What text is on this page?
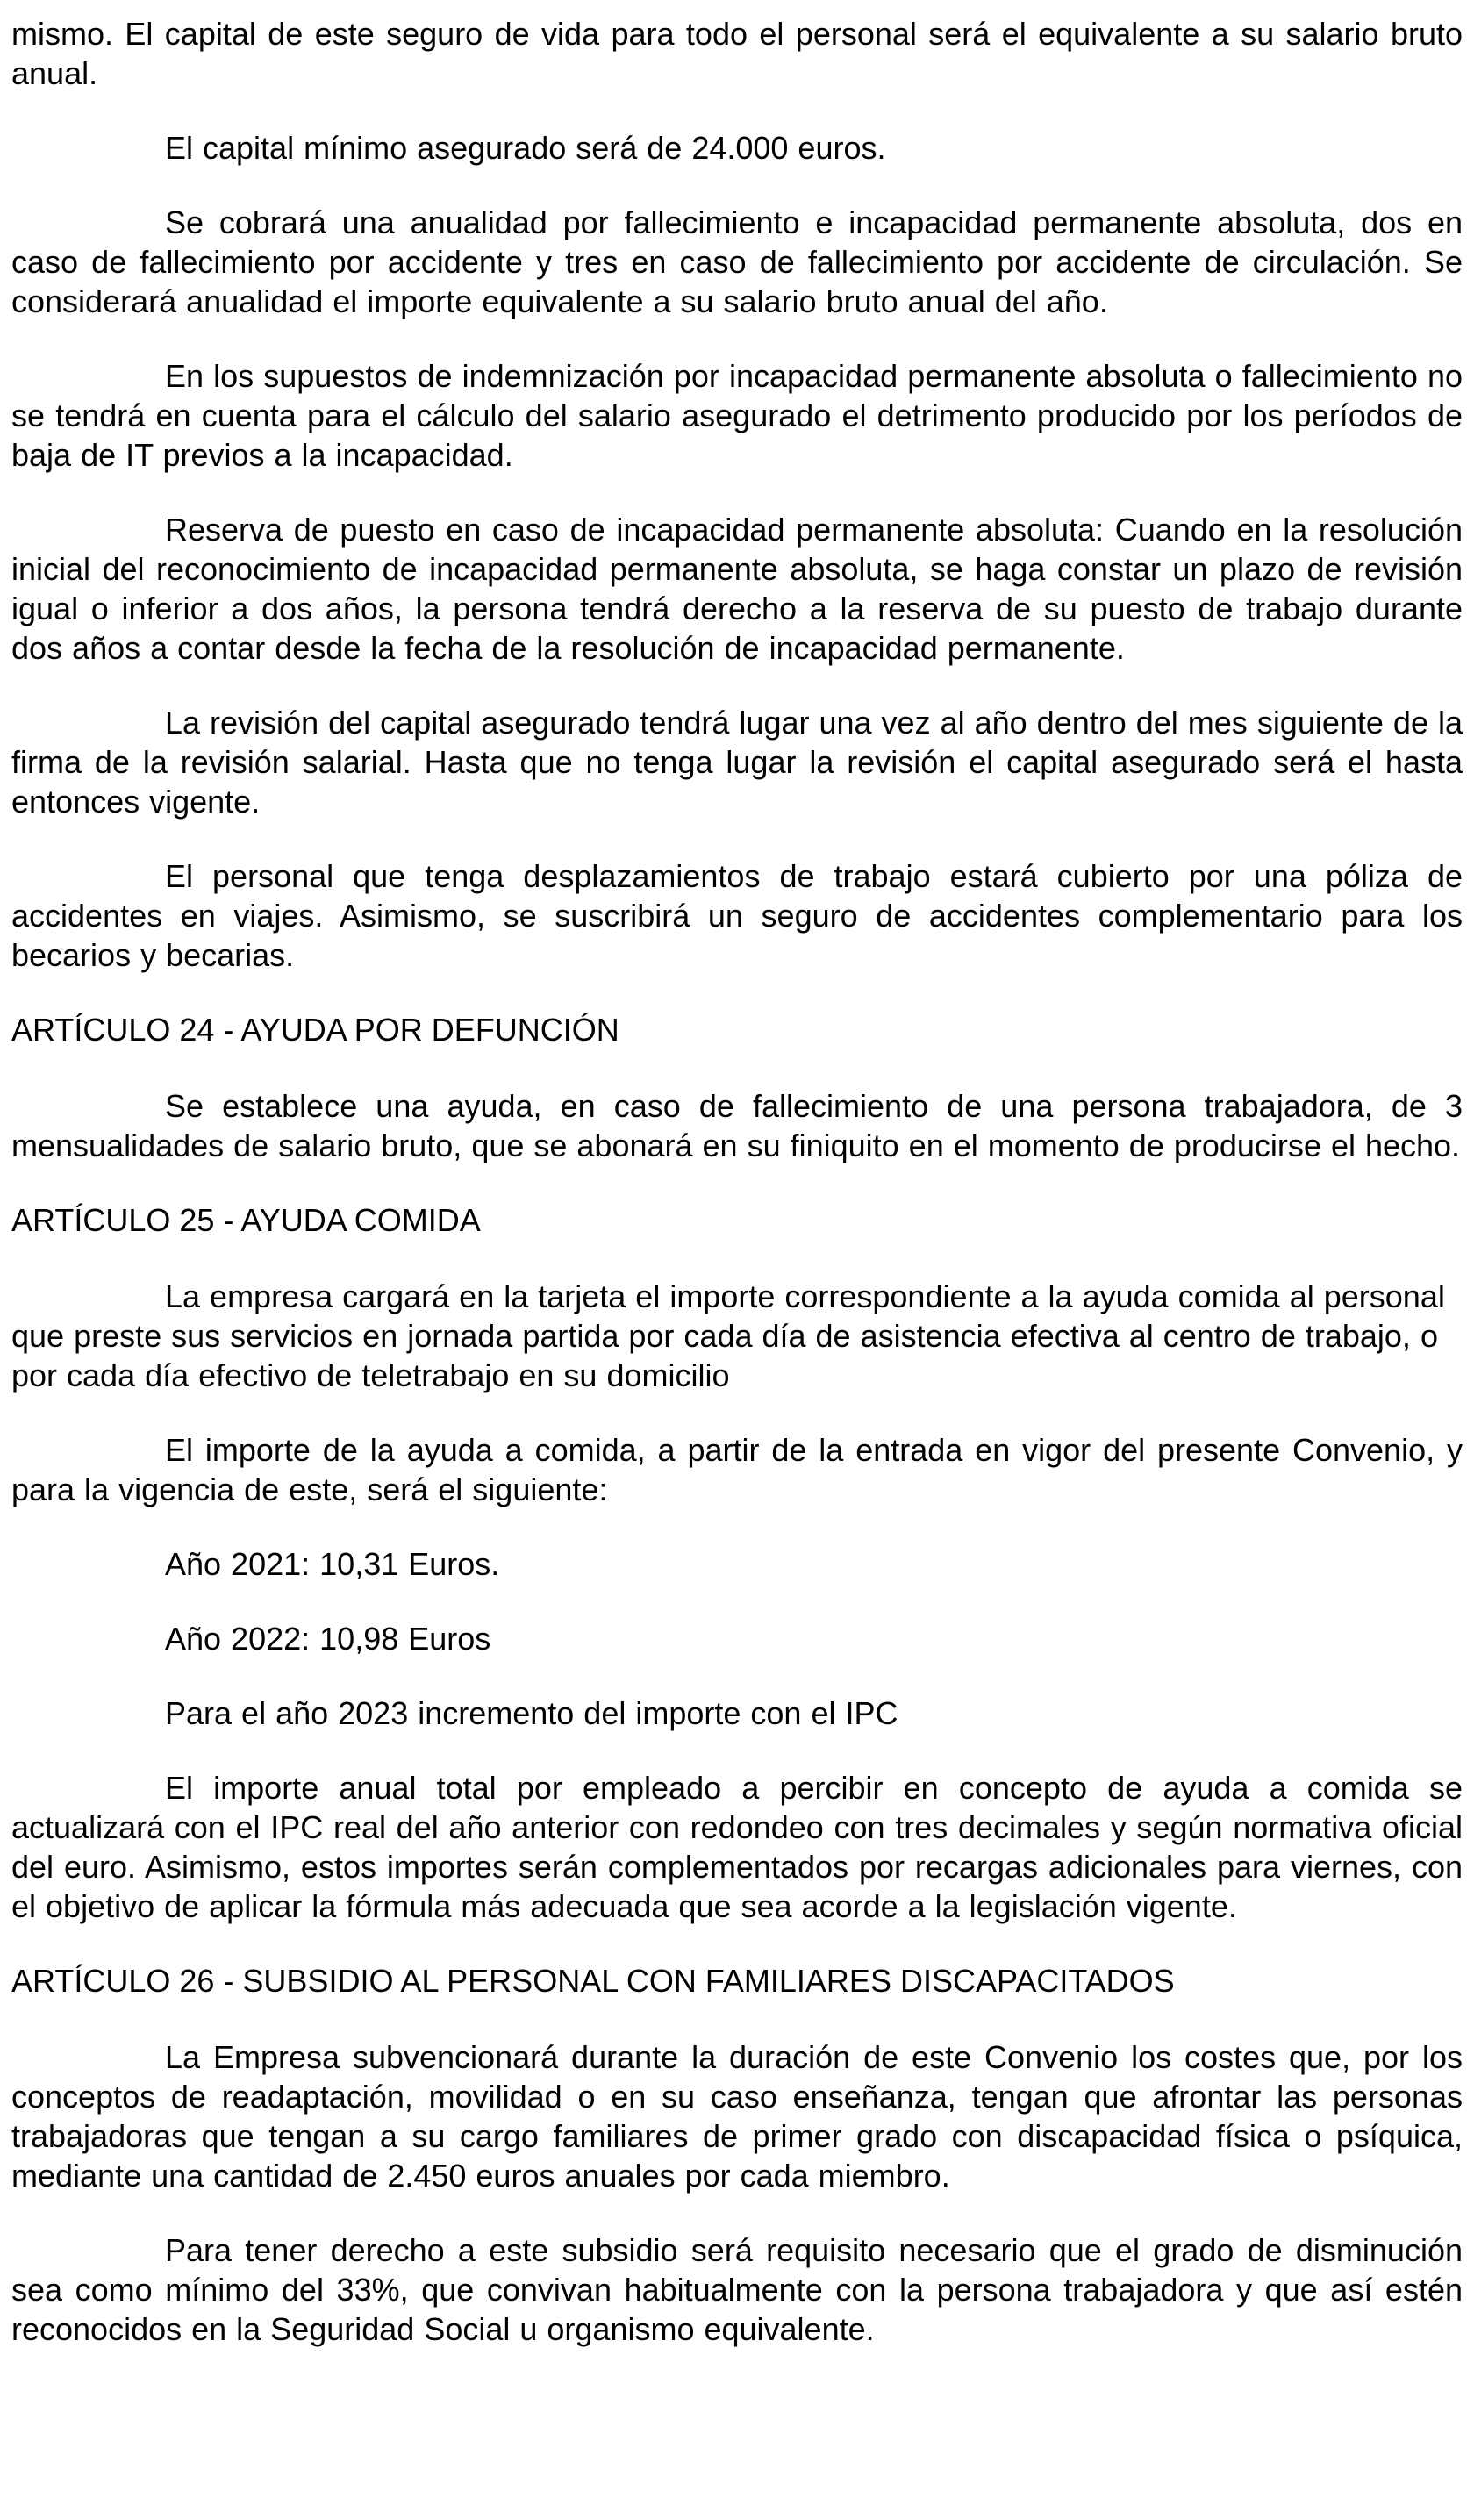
mismo. El capital de este seguro de vida para todo el personal será el equivalente a su salario bruto anual.

El capital mínimo asegurado será de 24.000 euros.

Se cobrará una anualidad por fallecimiento e incapacidad permanente absoluta, dos en caso de fallecimiento por accidente y tres en caso de fallecimiento por accidente de circulación. Se considerará anualidad el importe equivalente a su salario bruto anual del año.

En los supuestos de indemnización por incapacidad permanente absoluta o fallecimiento no se tendrá en cuenta para el cálculo del salario asegurado el detrimento producido por los períodos de baja de IT previos a la incapacidad.

Reserva de puesto en caso de incapacidad permanente absoluta: Cuando en la resolución inicial del reconocimiento de incapacidad permanente absoluta, se haga constar un plazo de revisión igual o inferior a dos años, la persona tendrá derecho a la reserva de su puesto de trabajo durante dos años a contar desde la fecha de la resolución de incapacidad permanente.

La revisión del capital asegurado tendrá lugar una vez al año dentro del mes siguiente de la firma de la revisión salarial. Hasta que no tenga lugar la revisión el capital asegurado será el hasta entonces vigente.

El personal que tenga desplazamientos de trabajo estará cubierto por una póliza de accidentes en viajes. Asimismo, se suscribirá un seguro de accidentes complementario para los becarios y becarias.

ARTÍCULO 24 - AYUDA POR DEFUNCIÓN

Se establece una ayuda, en caso de fallecimiento de una persona trabajadora, de 3 mensualidades de salario bruto, que se abonará en su finiquito en el momento de producirse el hecho.

ARTÍCULO 25 - AYUDA COMIDA

La empresa cargará en la tarjeta el importe correspondiente a la ayuda comida al personal que preste sus servicios en jornada partida por cada día de asistencia efectiva al centro de trabajo, o por cada día efectivo de teletrabajo en su domicilio

El importe de la ayuda a comida, a partir de la entrada en vigor del presente Convenio, y para la vigencia de este, será el siguiente:

Año 2021: 10,31 Euros.

Año 2022: 10,98 Euros

Para el año 2023 incremento del importe con el IPC

El importe anual total por empleado a percibir en concepto de ayuda a comida se actualizará con el IPC real del año anterior con redondeo con tres decimales y según normativa oficial del euro. Asimismo, estos importes serán complementados por recargas adicionales para viernes, con el objetivo de aplicar la fórmula más adecuada que sea acorde a la legislación vigente.

ARTÍCULO 26 - SUBSIDIO AL PERSONAL CON FAMILIARES DISCAPACITADOS

La Empresa subvencionará durante la duración de este Convenio los costes que, por los conceptos de readaptación, movilidad o en su caso enseñanza, tengan que afrontar las personas trabajadoras que tengan a su cargo familiares de primer grado con discapacidad física o psíquica, mediante una cantidad de 2.450 euros anuales por cada miembro.

Para tener derecho a este subsidio será requisito necesario que el grado de disminución sea como mínimo del 33%, que convivan habitualmente con la persona trabajadora y que así estén reconocidos en la Seguridad Social u organismo equivalente.
